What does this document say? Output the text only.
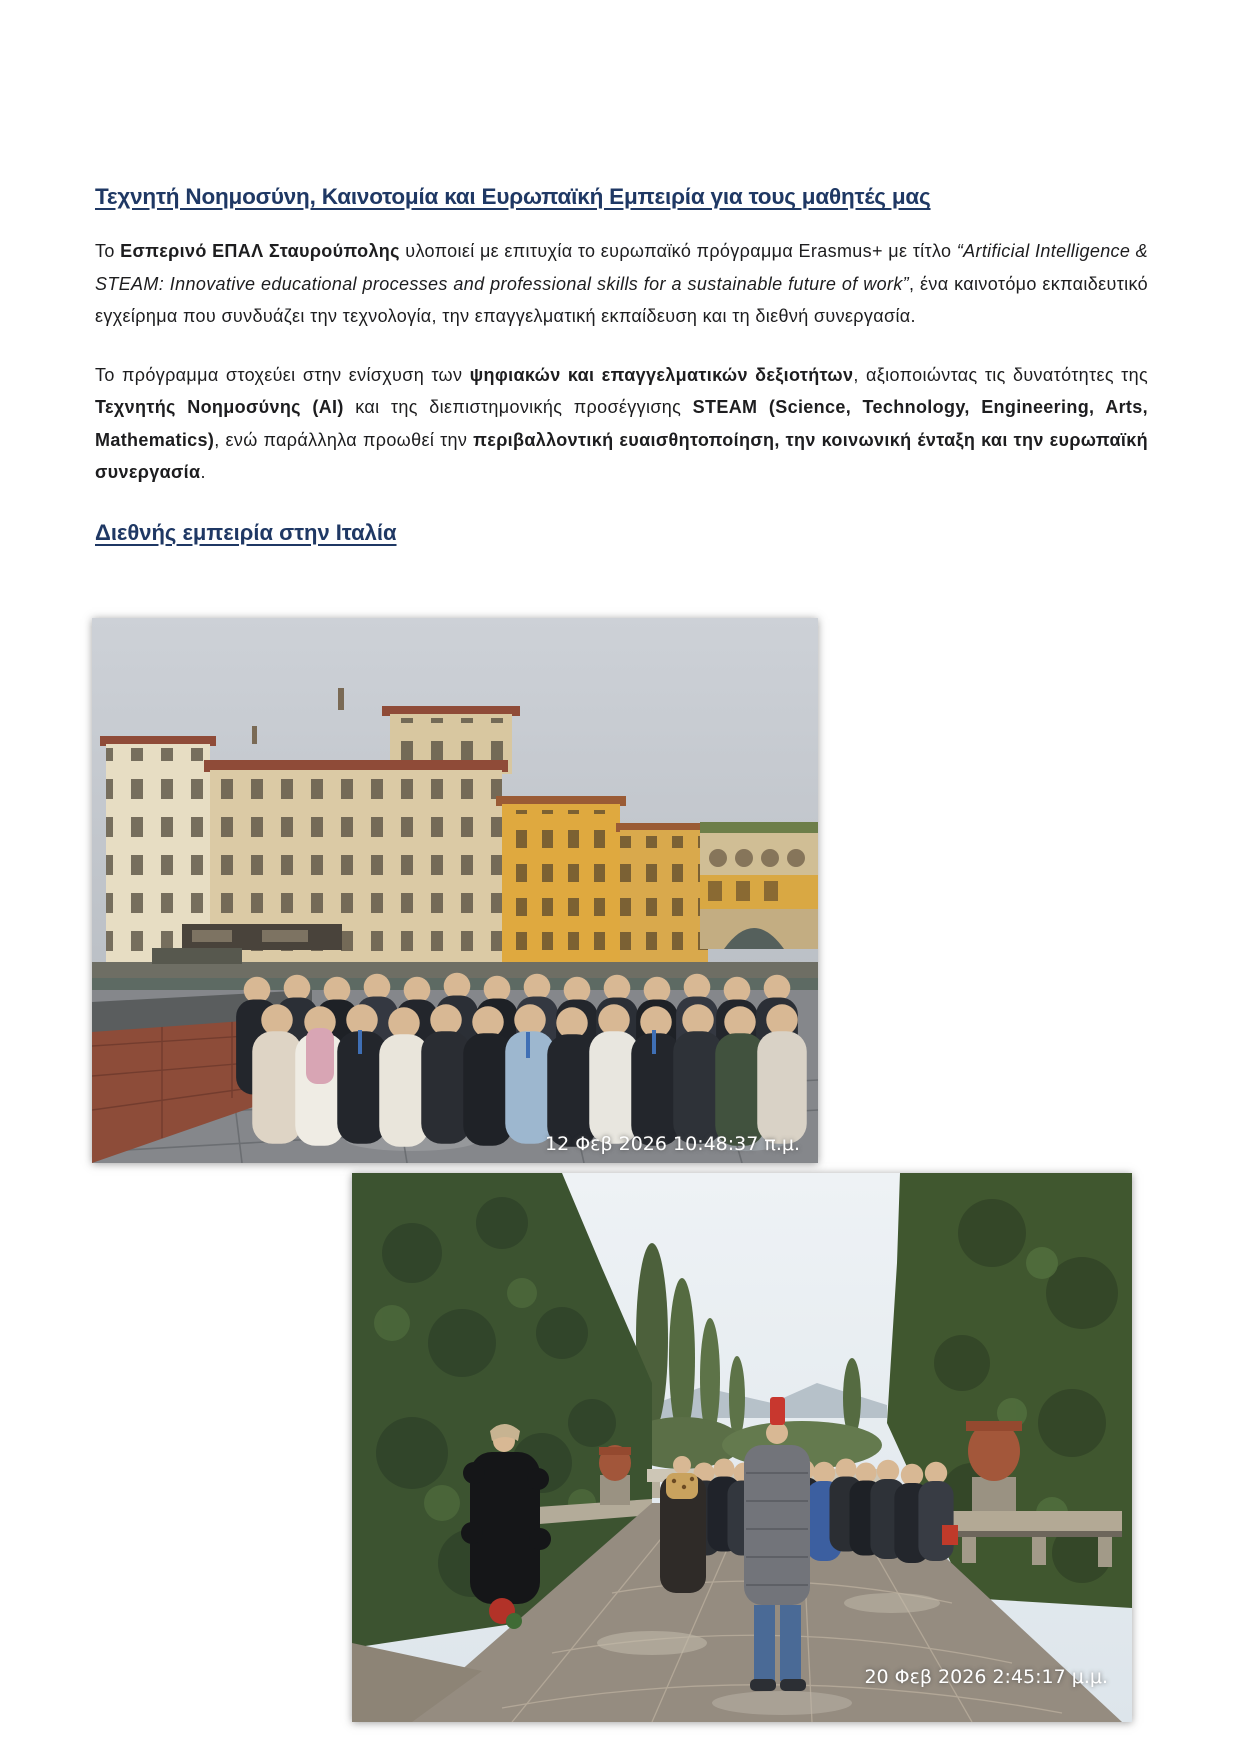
Τεχνητή Νοημοσύνη, Καινοτομία και Ευρωπαϊκή Εμπειρία για τους μαθητές μας

Το Εσπερινό ΕΠΑΛ Σταυρούπολης υλοποιεί με επιτυχία το ευρωπαϊκό πρόγραμμα Erasmus+ με τίτλο “Artificial Intelligence & STEAM: Innovative educational processes and professional skills for a sustainable future of work”, ένα καινοτόμο εκπαιδευτικό εγχείρημα που συνδυάζει την τεχνολογία, την επαγγελματική εκπαίδευση και τη διεθνή συνεργασία.

Το πρόγραμμα στοχεύει στην ενίσχυση των ψηφιακών και επαγγελματικών δεξιοτήτων, αξιοποιώντας τις δυνατότητες της Τεχνητής Νοημοσύνης (AI) και της διεπιστημονικής προσέγγισης STEAM (Science, Technology, Engineering, Arts, Mathematics), ενώ παράλληλα προωθεί την περιβαλλοντική ευαισθητοποίηση, την κοινωνική ένταξη και την ευρωπαϊκή συνεργασία.

Διεθνής εμπειρία στην Ιταλία
12 Φεβ 2026 10:48:37 π.μ.
20 Φεβ 2026 2:45:17 μ.μ.
